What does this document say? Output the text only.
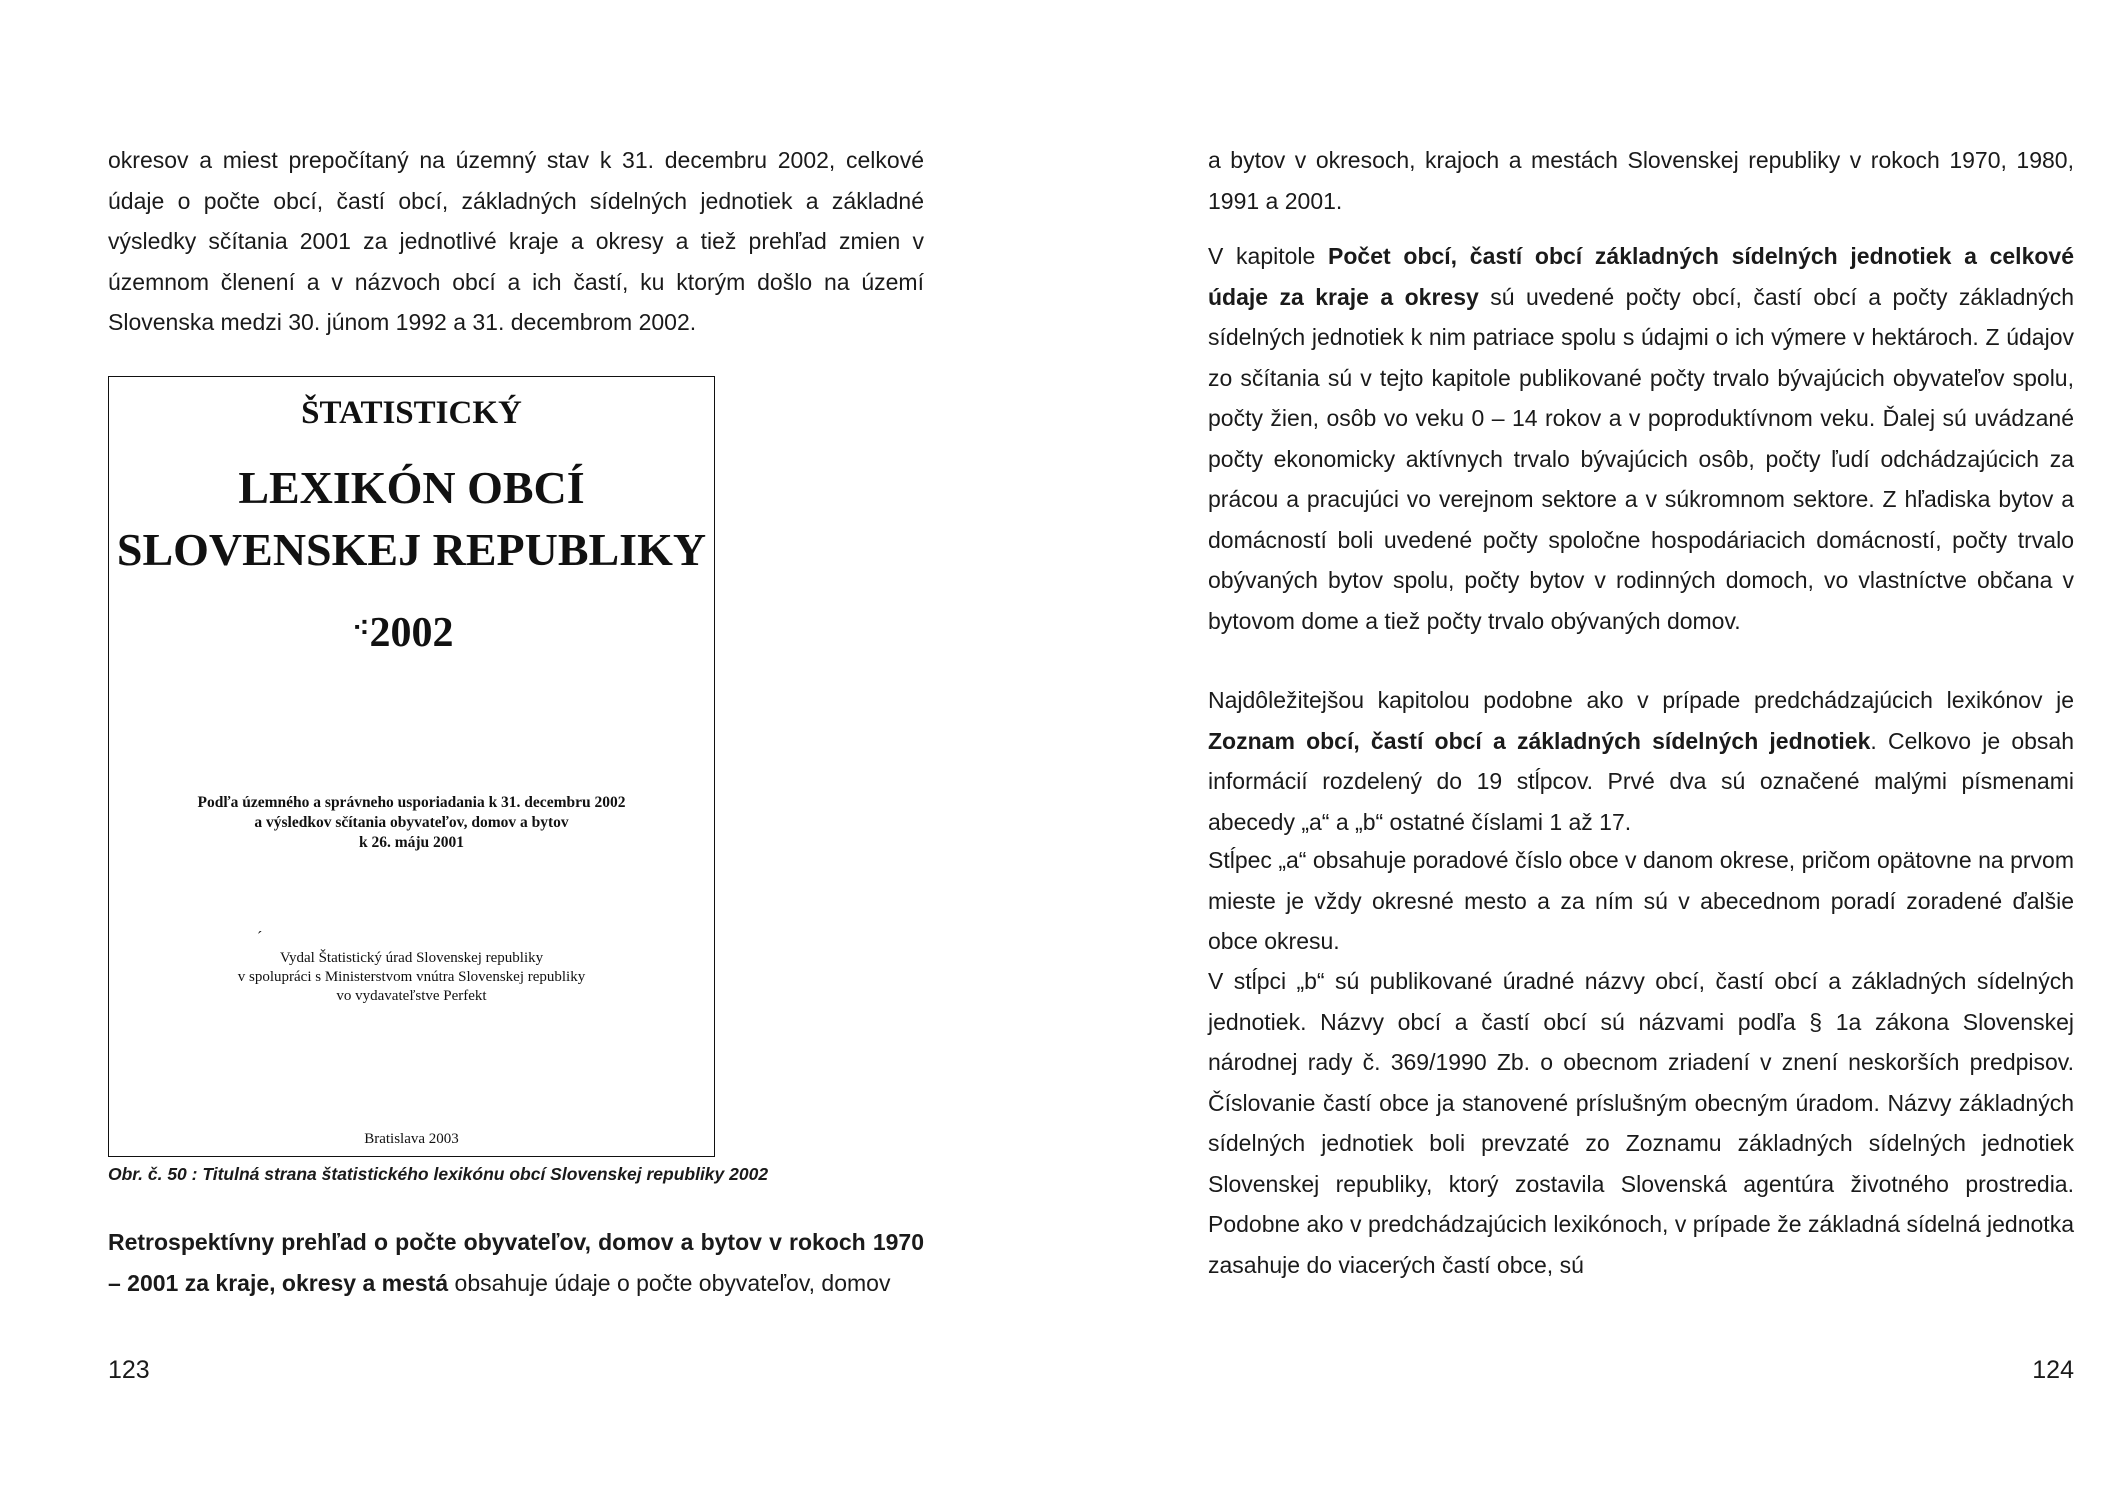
okresov a miest prepočítaný na územný stav k 31. decembru 2002, celkové údaje o počte obcí, častí obcí, základných sídelných jednotiek a základné výsledky sčítania 2001 za jednotlivé kraje a okresy a tiež prehľad zmien v územnom členení a v názvoch obcí a ich častí, ku ktorým došlo na území Slovenska medzi 30. júnom 1992 a 31. decembrom 2002.

ŠTATISTICKÝ

LEXIKÓN OBCÍ

SLOVENSKEJ REPUBLIKY

⁖ 2002

Podľa územného a správneho usporiadania k 31. decembru 2002

a výsledkov sčítania obyvateľov, domov a bytov

k 26. máju 2001

ˊ

Vydal Štatistický úrad Slovenskej republiky

v spolupráci s Ministerstvom vnútra Slovenskej republiky

vo vydavateľstve Perfekt

Bratislava 2003

Obr. č. 50 : Titulná strana štatistického lexikónu obcí Slovenskej republiky 2002

Retrospektívny prehľad o počte obyvateľov, domov a bytov v rokoch 1970 – 2001 za kraje, okresy a mestá obsahuje údaje o počte obyvateľov, domov

123

a bytov v okresoch, krajoch a mestách Slovenskej republiky v rokoch 1970, 1980, 1991 a 2001.

V kapitole Počet obcí, častí obcí základných sídelných jednotiek a celkové údaje za kraje a okresy sú uvedené počty obcí, častí obcí a počty základných sídelných jednotiek k nim patriace spolu s údajmi o ich výmere v hektároch. Z údajov zo sčítania sú v tejto kapitole publikované počty trvalo bývajúcich obyvateľov spolu, počty žien, osôb vo veku 0 – 14 rokov a v poproduktívnom veku. Ďalej sú uvádzané počty ekonomicky aktívnych trvalo bývajúcich osôb, počty ľudí odchádzajúcich za prácou a pracujúci vo verejnom sektore a v súkromnom sektore. Z hľadiska bytov a domácností boli uvedené počty spoločne hospodáriacich domácností, počty trvalo obývaných bytov spolu, počty bytov v rodinných domoch, vo vlastníctve občana v bytovom dome a tiež počty trvalo obývaných domov.

Najdôležitejšou kapitolou podobne ako v prípade predchádzajúcich lexikónov je Zoznam obcí, častí obcí a základných sídelných jednotiek. Celkovo je obsah informácií rozdelený do 19 stĺpcov. Prvé dva sú označené malými písmenami abecedy „a“ a „b“ ostatné číslami 1 až 17.

Stĺpec „a“ obsahuje poradové číslo obce v danom okrese, pričom opätovne na prvom mieste je vždy okresné mesto a za ním sú v abecednom poradí zoradené ďalšie obce okresu.

V stĺpci „b“ sú publikované úradné názvy obcí, častí obcí a základných sídelných jednotiek. Názvy obcí a častí obcí sú názvami podľa § 1a zákona Slovenskej národnej rady č. 369/1990 Zb. o obecnom zriadení v znení neskorších predpisov. Číslovanie častí obce ja stanovené príslušným obecným úradom. Názvy základných sídelných jednotiek boli prevzaté zo Zoznamu základných sídelných jednotiek Slovenskej republiky, ktorý zostavila Slovenská agentúra životného prostredia. Podobne ako v predchádzajúcich lexikónoch, v prípade že základná sídelná jednotka zasahuje do viacerých častí obce, sú

124
